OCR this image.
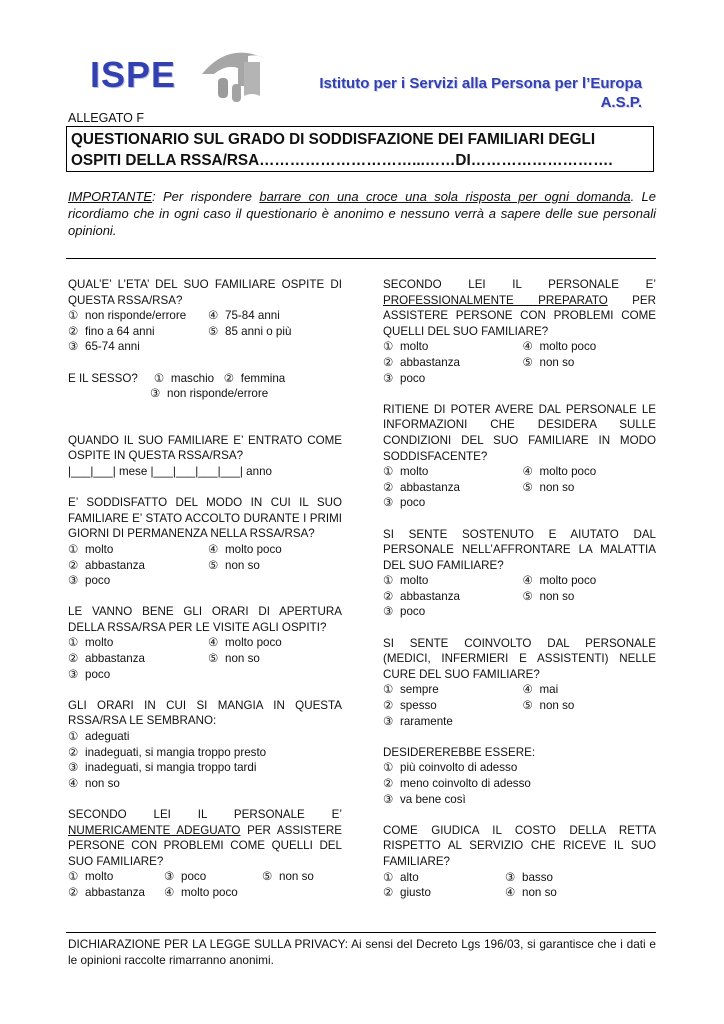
ISPE	Istituto per i Servizi alla Persona per l’Europa
A.S.P.
ALLEGATO F
QUESTIONARIO SUL GRADO DI SODDISFAZIONE DEI FAMILIARI DEGLI
OSPITI DELLA RSSA/RSA…………………………...……DI……………………….
IMPORTANTE: Per rispondere barrare con una croce una sola risposta per ogni domanda. Le ricordiamo che in ogni caso il questionario è anonimo e nessuno verrà a sapere delle sue personali opinioni.
QUAL’E’ L’ETA’ DEL SUO FAMILIARE OSPITE DI QUESTA RSSA/RSA?
① non risponde/errore	④ 75-84 anni
② fino a 64 anni	⑤ 85 anni o più
③ 65-74 anni
E IL SESSO? ① maschio ② femmina
③ non risponde/errore
QUANDO IL SUO FAMILIARE E’ ENTRATO COME OSPITE IN QUESTA RSSA/RSA?
|___|___| mese |___|___|___|___| anno
E’ SODDISFATTO DEL MODO IN CUI IL SUO FAMILIARE E’ STATO ACCOLTO DURANTE I PRIMI GIORNI DI PERMANENZA NELLA RSSA/RSA?
① molto	④ molto poco
② abbastanza	⑤ non so
③ poco
LE VANNO BENE GLI ORARI DI APERTURA DELLA RSSA/RSA PER LE VISITE AGLI OSPITI?
① molto	④ molto poco
② abbastanza	⑤ non so
③ poco
GLI ORARI IN CUI SI MANGIA IN QUESTA RSSA/RSA LE SEMBRANO:
① adeguati
② inadeguati, si mangia troppo presto
③ inadeguati, si mangia troppo tardi
④ non so
SECONDO LEI IL PERSONALE E’ NUMERICAMENTE ADEGUATO PER ASSISTERE PERSONE CON PROBLEMI COME QUELLI DEL SUO FAMILIARE?
① molto	③ poco	⑤ non so
② abbastanza ④ molto poco
SECONDO LEI IL PERSONALE E’ PROFESSIONALMENTE PREPARATO PER ASSISTERE PERSONE CON PROBLEMI COME QUELLI DEL SUO FAMILIARE?
① molto	④ molto poco
② abbastanza	⑤ non so
③ poco
RITIENE DI POTER AVERE DAL PERSONALE LE INFORMAZIONI CHE DESIDERA SULLE CONDIZIONI DEL SUO FAMILIARE IN MODO SODDISFACENTE?
① molto	④ molto poco
② abbastanza	⑤ non so
③ poco
SI SENTE SOSTENUTO E AIUTATO DAL PERSONALE NELL’AFFRONTARE LA MALATTIA DEL SUO FAMILIARE?
① molto	④ molto poco
② abbastanza	⑤ non so
③ poco
SI SENTE COINVOLTO DAL PERSONALE (MEDICI, INFERMIERI E ASSISTENTI) NELLE CURE DEL SUO FAMILIARE?
① sempre	④ mai
② spesso	⑤ non so
③ raramente
DESIDEREREBBE ESSERE:
① più coinvolto di adesso
② meno coinvolto di adesso
③ va bene così
COME GIUDICA IL COSTO DELLA RETTA RISPETTO AL SERVIZIO CHE RICEVE IL SUO FAMILIARE?
① alto	③ basso
② giusto	④ non so
DICHIARAZIONE PER LA LEGGE SULLA PRIVACY: Ai sensi del Decreto Lgs 196/03, si garantisce che i dati e le opinioni raccolte rimarranno anonimi.
